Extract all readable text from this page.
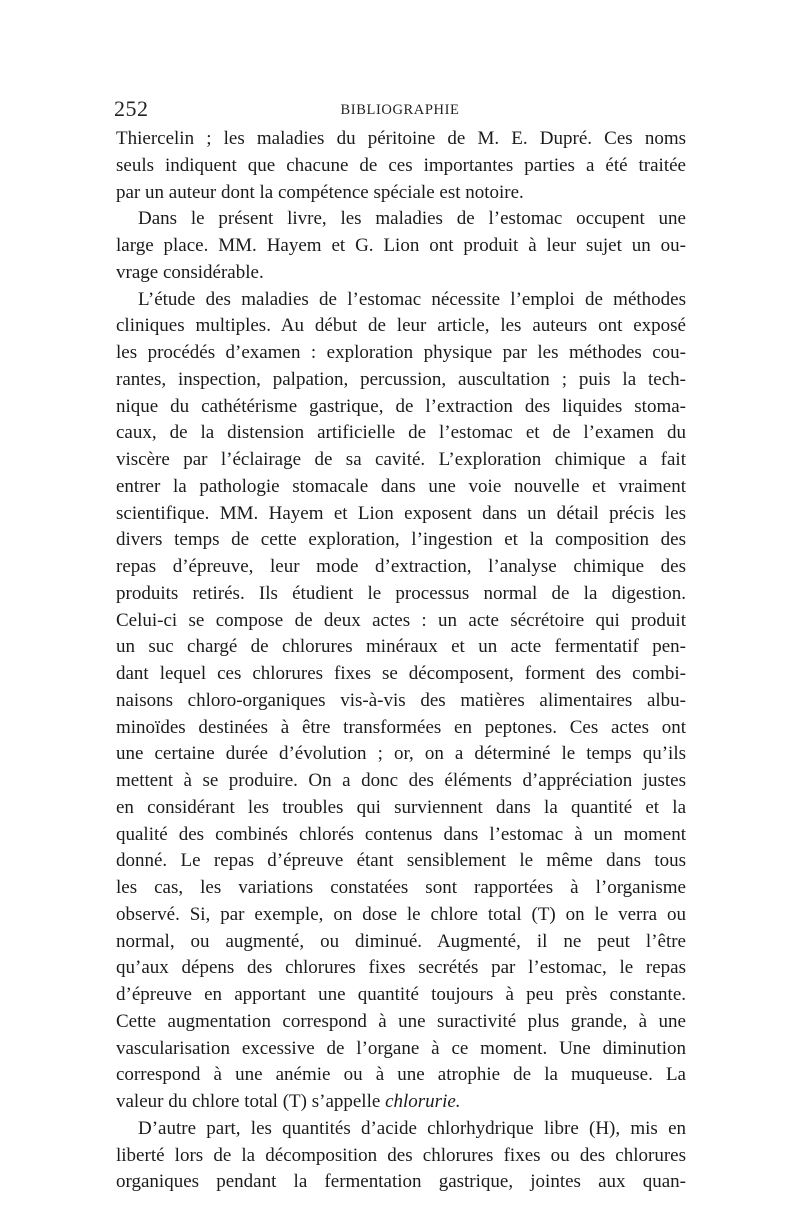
252	BIBLIOGRAPHIE
Thiercelin ; les maladies du péritoine de M. E. Dupré. Ces noms
seuls indiquent que chacune de ces importantes parties a été traitée
par un auteur dont la compétence spéciale est notoire.
Dans le présent livre, les maladies de l’estomac occupent une
large place. MM. Hayem et G. Lion ont produit à leur sujet un ou-
vrage considérable.
L’étude des maladies de l’estomac nécessite l’emploi de méthodes
cliniques multiples. Au début de leur article, les auteurs ont exposé
les procédés d’examen : exploration physique par les méthodes cou-
rantes, inspection, palpation, percussion, auscultation ; puis la tech-
nique du cathétérisme gastrique, de l’extraction des liquides stoma-
caux, de la distension artificielle de l’estomac et de l’examen du
viscère par l’éclairage de sa cavité. L’exploration chimique a fait
entrer la pathologie stomacale dans une voie nouvelle et vraiment
scientifique. MM. Hayem et Lion exposent dans un détail précis les
divers temps de cette exploration, l’ingestion et la composition des
repas d’épreuve, leur mode d’extraction, l’analyse chimique des
produits retirés. Ils étudient le processus normal de la digestion.
Celui-ci se compose de deux actes : un acte sécrétoire qui produit
un suc chargé de chlorures minéraux et un acte fermentatif pen-
dant lequel ces chlorures fixes se décomposent, forment des combi-
naisons chloro-organiques vis-à-vis des matières alimentaires albu-
minoïdes destinées à être transformées en peptones. Ces actes ont
une certaine durée d’évolution ; or, on a déterminé le temps qu’ils
mettent à se produire. On a donc des éléments d’appréciation justes
en considérant les troubles qui surviennent dans la quantité et la
qualité des combinés chlorés contenus dans l’estomac à un moment
donné. Le repas d’épreuve étant sensiblement le même dans tous
les cas, les variations constatées sont rapportées à l’organisme
observé. Si, par exemple, on dose le chlore total (T) on le verra ou
normal, ou augmenté, ou diminué. Augmenté, il ne peut l’être
qu’aux dépens des chlorures fixes secrétés par l’estomac, le repas
d’épreuve en apportant une quantité toujours à peu près constante.
Cette augmentation correspond à une suractivité plus grande, à une
vascularisation excessive de l’organe à ce moment. Une diminution
correspond à une anémie ou à une atrophie de la muqueuse. La
valeur du chlore total (T) s’appelle chlorurie.
D’autre part, les quantités d’acide chlorhydrique libre (H), mis en
liberté lors de la décomposition des chlorures fixes ou des chlorures
organiques pendant la fermentation gastrique, jointes aux quan-
